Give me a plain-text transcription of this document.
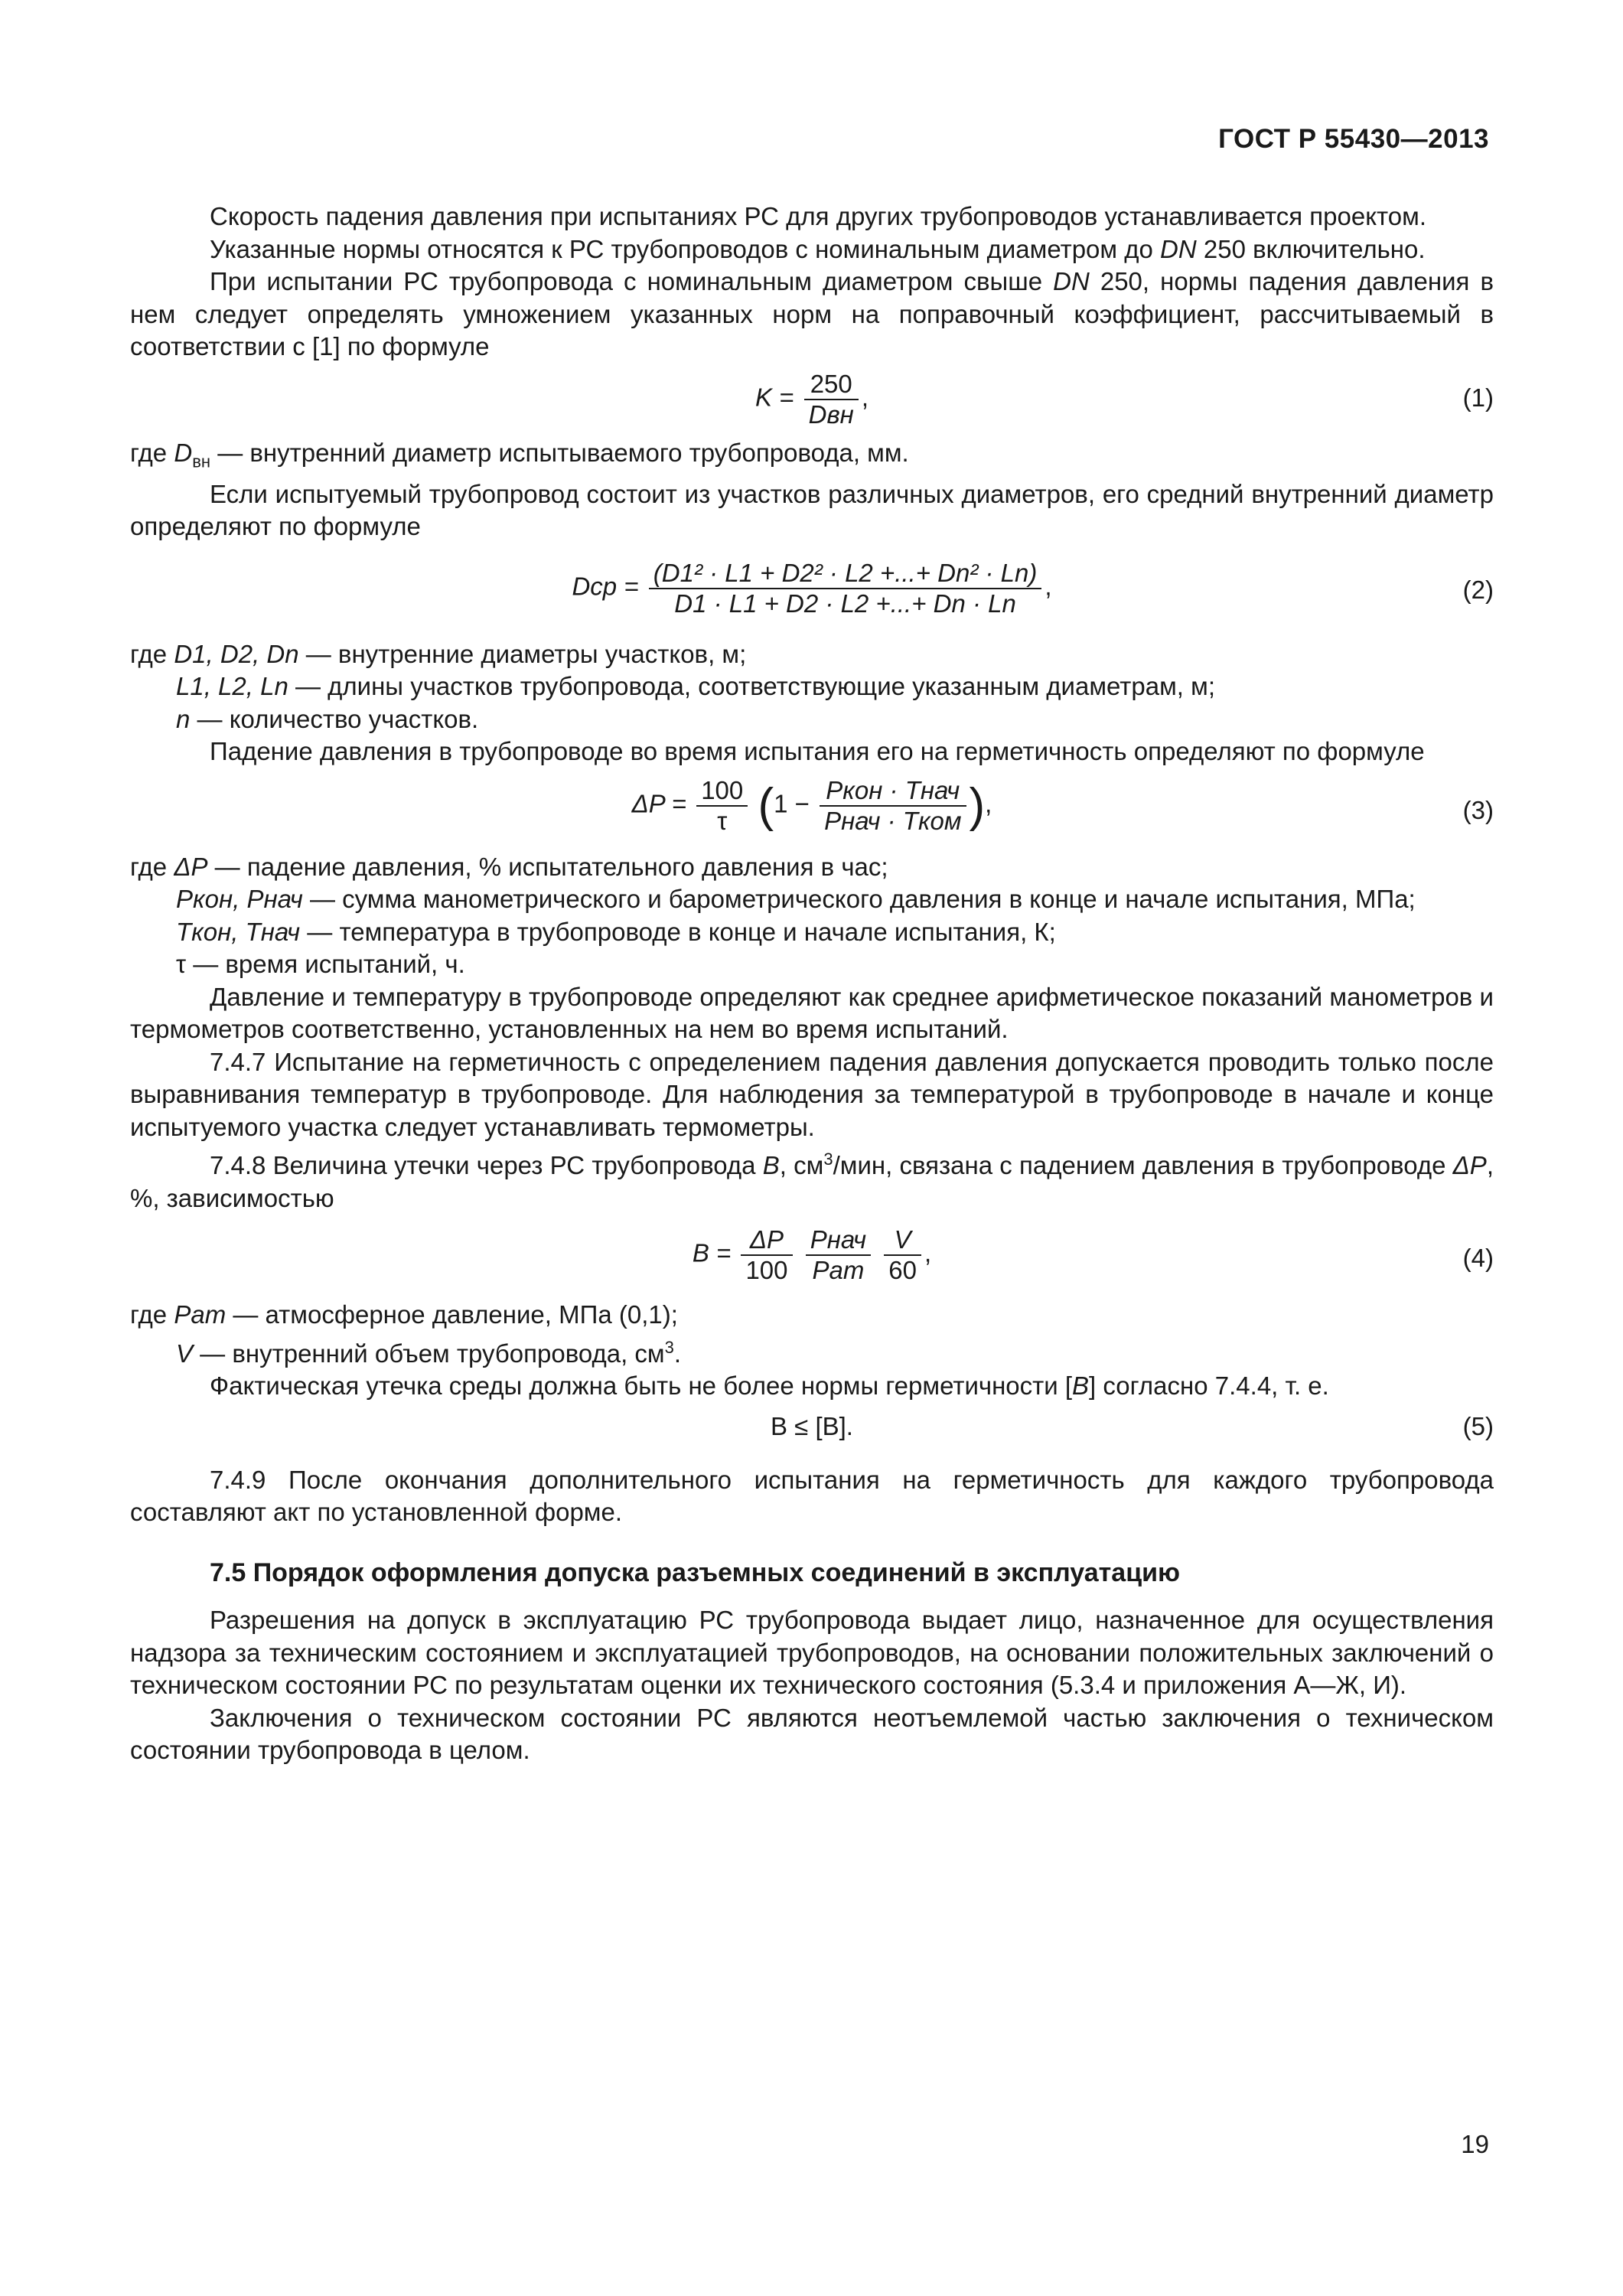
ГОСТ Р 55430—2013

Скорость падения давления при испытаниях РС для других трубопроводов устанавливается проектом.

Указанные нормы относятся к РС трубопроводов с номинальным диаметром до DN 250 включительно.

При испытании РС трубопровода с номинальным диаметром свыше DN 250, нормы падения давления в нем следует определять умножением указанных норм на поправочный коэффициент, рассчитываемый в соответствии с [1] по формуле

$K = \frac{250}{\text{Dвн}}$ ,	(1)

где $D_{вн}$ — внутренний диаметр испытываемого трубопровода, мм.

Если испытуемый трубопровод состоит из участков различных диаметров, его средний внутренний диаметр определяют по формуле

Dср = $\frac{\text{(D1² · L1 + D2² · L2 +...+ Dn² · Ln)}}{D1 \cdot L1 + D2 \cdot L2 +...+ Dn \cdot Ln}$ ,	(2)
где D1, D2, Dn — внутренние диаметры участков, м;
L1, L2, Ln — длины участков трубопровода, соответствующие указанным диаметрам, м;
n — количество участков.

Падение давления в трубопроводе во время испытания его на герметичность определяют по формуле

$\Delta P = \frac{100}{\tau} (1 - \frac{\text{Pкон · Tнач}}{\text{Pнач · Tком}}$ ),	(3)
где ΔP — падение давления, % испытательного давления в час;
Pкон, Pнач — сумма манометрического и барометрического давления в конце и начале испытания, МПа;
Tкон, Tнач — температура в трубопроводе в конце и начале испытания, К;
τ — время испытаний, ч.

Давление и температуру в трубопроводе определяют как среднее арифметическое показаний манометров и термометров соответственно, установленных на нем во время испытаний.

7.4.7 Испытание на герметичность с определением падения давления допускается проводить только после выравнивания температур в трубопроводе. Для наблюдения за температурой в трубопроводе в начале и конце испытуемого участка следует устанавливать термометры.

7.4.8 Величина утечки через РС трубопровода B, $см^3$/мин, связана с падением давления в трубопроводе ΔP, %, зависимостью

$B = \frac{\Delta P}{100}$
$\frac{\text{Pнач}}{\text{Pат}}$
$\frac{V}{60}$ ,	(4)
где Pат — атмосферное давление, МПа (0,1);
V — внутренний объем трубопровода, $см^3$.

Фактическая утечка среды должна быть не более нормы герметичности [B] согласно 7.4.4, т. е.

B ≤ [B].	(5)

7.4.9 После окончания дополнительного испытания на герметичность для каждого трубопровода составляют акт по установленной форме.

7.5 Порядок оформления допуска разъемных соединений в эксплуатацию

Разрешения на допуск в эксплуатацию РС трубопровода выдает лицо, назначенное для осуществления надзора за техническим состоянием и эксплуатацией трубопроводов, на основании положительных заключений о техническом состоянии РС по результатам оценки их технического состояния (5.3.4 и приложения А—Ж, И).

Заключения о техническом состоянии РС являются неотъемлемой частью заключения о техническом состоянии трубопровода в целом.

19
